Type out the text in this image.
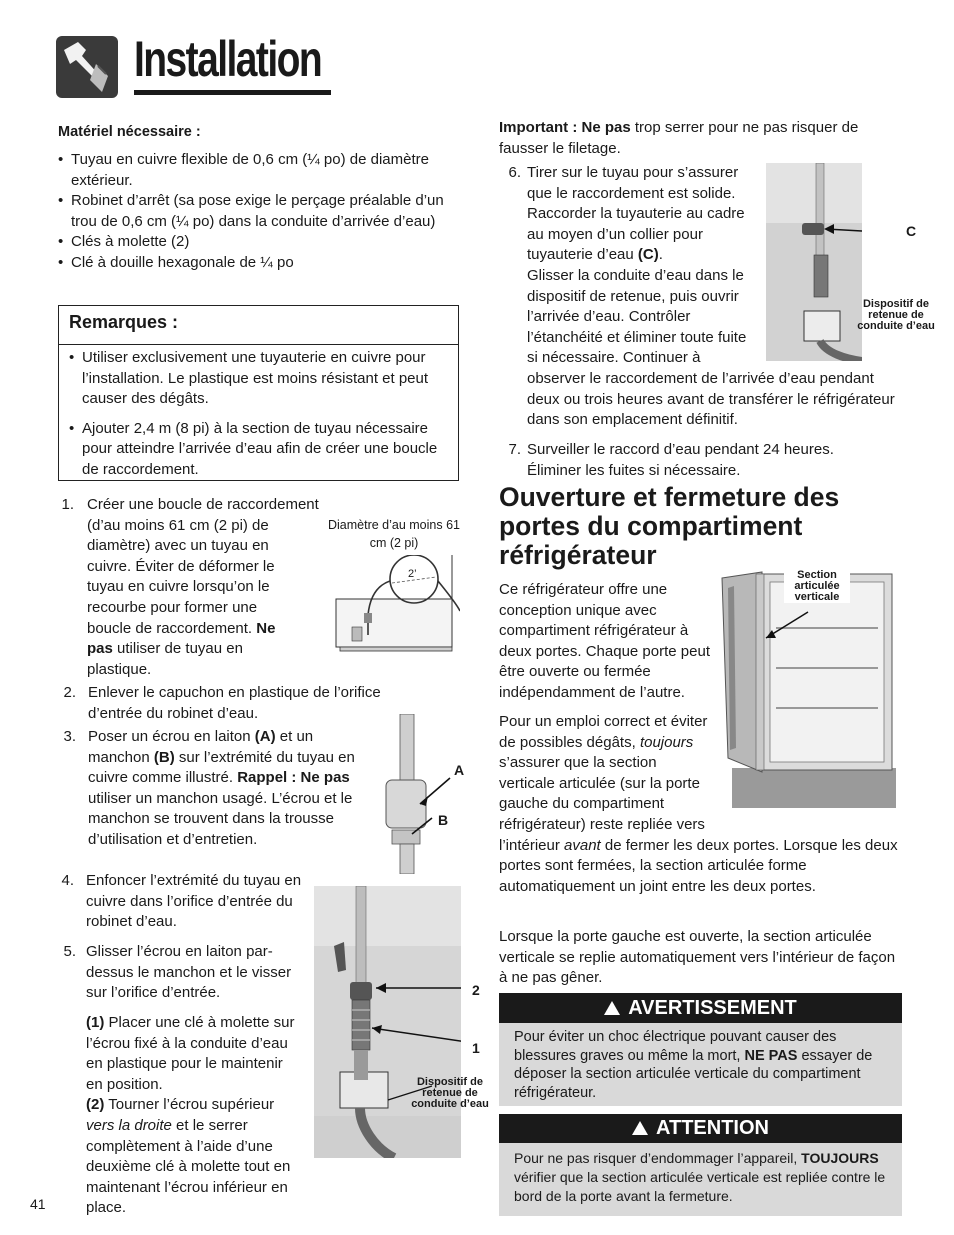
Installation
Matériel nécessaire :
• Tuyau en cuivre flexible de 0,6 cm (¼ po) de diamètre extérieur.
• Robinet d’arrêt (sa pose exige le perçage préalable d’un trou de 0,6 cm (¼ po) dans la conduite d’arrivée d’eau)
• Clés à molette (2)
• Clé à douille hexagonale de ¼ po
Remarques :
• Utiliser exclusivement une tuyauterie en cuivre pour l’installation. Le plastique est moins résistant et peut causer des dégâts.
• Ajouter 2,4 m (8 pi) à la section de tuyau nécessaire pour atteindre l’arrivée d’eau afin de créer une boucle de raccordement.
1. Créer une boucle de raccordement
(d’au moins 61 cm (2 pi) de diamètre) avec un tuyau en cuivre. Éviter de déformer le tuyau en cuivre lorsqu’on le recourbe pour former une boucle de raccordement. Ne pas utiliser de tuyau en plastique.
Diamètre d’au moins 61 cm (2 pi)
2’
2. Enlever le capuchon en plastique de l’orifice d’entrée du robinet d’eau.
3. Poser un écrou en laiton (A) et un manchon (B) sur l’extrémité du tuyau en cuivre comme illustré. Rappel : Ne pas utiliser un manchon usagé. L’écrou et le manchon se trouvent dans la trousse d’utilisation et d’entretien.
A
B
4. Enfoncer l’extrémité du tuyau en cuivre dans l’orifice d’entrée du robinet d’eau.
5. Glisser l’écrou en laiton par-dessus le manchon et le visser sur l’orifice d’entrée.
(1) Placer une clé à molette sur l’écrou fixé à la conduite d’eau en plastique pour le maintenir en position.
(2) Tourner l’écrou supérieur vers la droite et le serrer complètement à l’aide d’une deuxième clé à molette tout en maintenant l’écrou inférieur en place.
2
1
Dispositif de retenue de conduite d’eau
Important : Ne pas trop serrer pour ne pas risquer de fausser le filetage.
6. Tirer sur le tuyau pour s’assurer que le raccordement est solide. Raccorder la tuyauterie au cadre au moyen d’un collier pour tuyauterie d’eau (C).
Glisser la conduite d’eau dans le dispositif de retenue, puis ouvrir l’arrivée d’eau. Contrôler l’étanchéité et éliminer toute fuite si nécessaire. Continuer à observer le raccordement de l’arrivée d’eau pendant deux ou trois heures avant de transférer le réfrigérateur dans son emplacement définitif.
C
Dispositif de retenue de conduite d’eau
7. Surveiller le raccord d’eau pendant 24 heures. Éliminer les fuites si nécessaire.
Ouverture et fermeture des portes du compartiment réfrigérateur
Ce réfrigérateur offre une conception unique avec compartiment réfrigérateur à deux portes. Chaque porte peut être ouverte ou fermée indépendamment de l’autre.
Pour un emploi correct et éviter de possibles dégâts, toujours s’assurer que la section verticale articulée (sur la porte gauche du compartiment réfrigérateur) reste repliée vers l’intérieur avant de fermer les deux portes. Lorsque les deux portes sont fermées, la section articulée forme automatiquement un joint entre les deux portes.
Lorsque la porte gauche est ouverte, la section articulée verticale se replie automatiquement vers l’intérieur de façon à ne pas gêner.
Section articulée verticale
AVERTISSEMENT
Pour éviter un choc électrique pouvant causer des blessures graves ou même la mort, NE PAS essayer de déposer la section articulée verticale du compartiment réfrigérateur.
ATTENTION
Pour ne pas risquer d’endommager l’appareil, TOUJOURS vérifier que la section articulée verticale est repliée contre le bord de la porte avant la fermeture.
41
